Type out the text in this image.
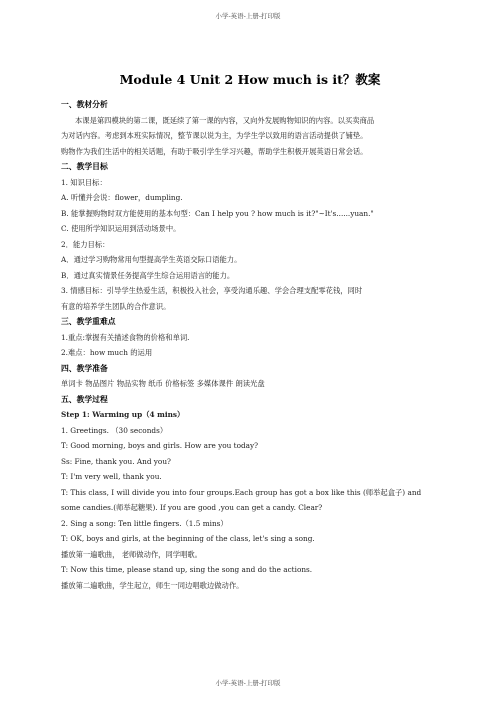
小学-英语-上册-打印版
Module 4 Unit 2 How much is it？教案
一、教材分析
本课是第四模块的第二课，既延续了第一课的内容，又向外发展购物知识的内容。以买卖商品
为对话内容。考虑到本班实际情况，整节课以说为主，为学生学以致用的语言活动提供了铺垫。
购物作为我们生活中的相关话题，有助于吸引学生学习兴趣，帮助学生积极开展英语日常会话。
二、教学目标
1. 知识目标：
A. 听懂并会说：flower，dumpling.
B. 能掌握购物时双方能使用的基本句型：Can I help you ? how much is it?"~It's......yuan."
C. 使用所学知识运用到活动场景中。
2．能力目标：
A．通过学习购物常用句型提高学生英语交际口语能力。
B．通过真实情景任务提高学生综合运用语言的能力。
3. 情感目标：引导学生热爱生活，积极投入社会，享受沟通乐趣、学会合理支配零花钱，同时
有意的培养学生团队的合作意识。
三、教学重难点
1.重点:掌握有关描述食物的价格和单词.
2.难点：how much 的运用
四、教学准备
单词卡 物品图片 物品实物 纸币 价格标签 多媒体课件 朗读光盘
五、教学过程
Step 1: Warming up（4 mins）
1. Greetings. （30 seconds）
T: Good morning, boys and girls. How are you today?
Ss: Fine, thank you. And you?
T: I'm very well, thank you.
T: This class, I will divide you into four groups.Each group has got a box like this (师举起盒子) and
some candies.(师举起糖果). If you are good ,you can get a candy. Clear?
2. Sing a song: Ten little fingers.（1.5 mins）
T: OK, boys and girls, at the beginning of the class, let's sing a song.
播放第一遍歌曲， 老师做动作，同学唱歌。
T: Now this time, please stand up, sing the song and do the actions.
播放第二遍歌曲，学生起立，师生一同边唱歌边做动作。
小学-英语-上册-打印版
